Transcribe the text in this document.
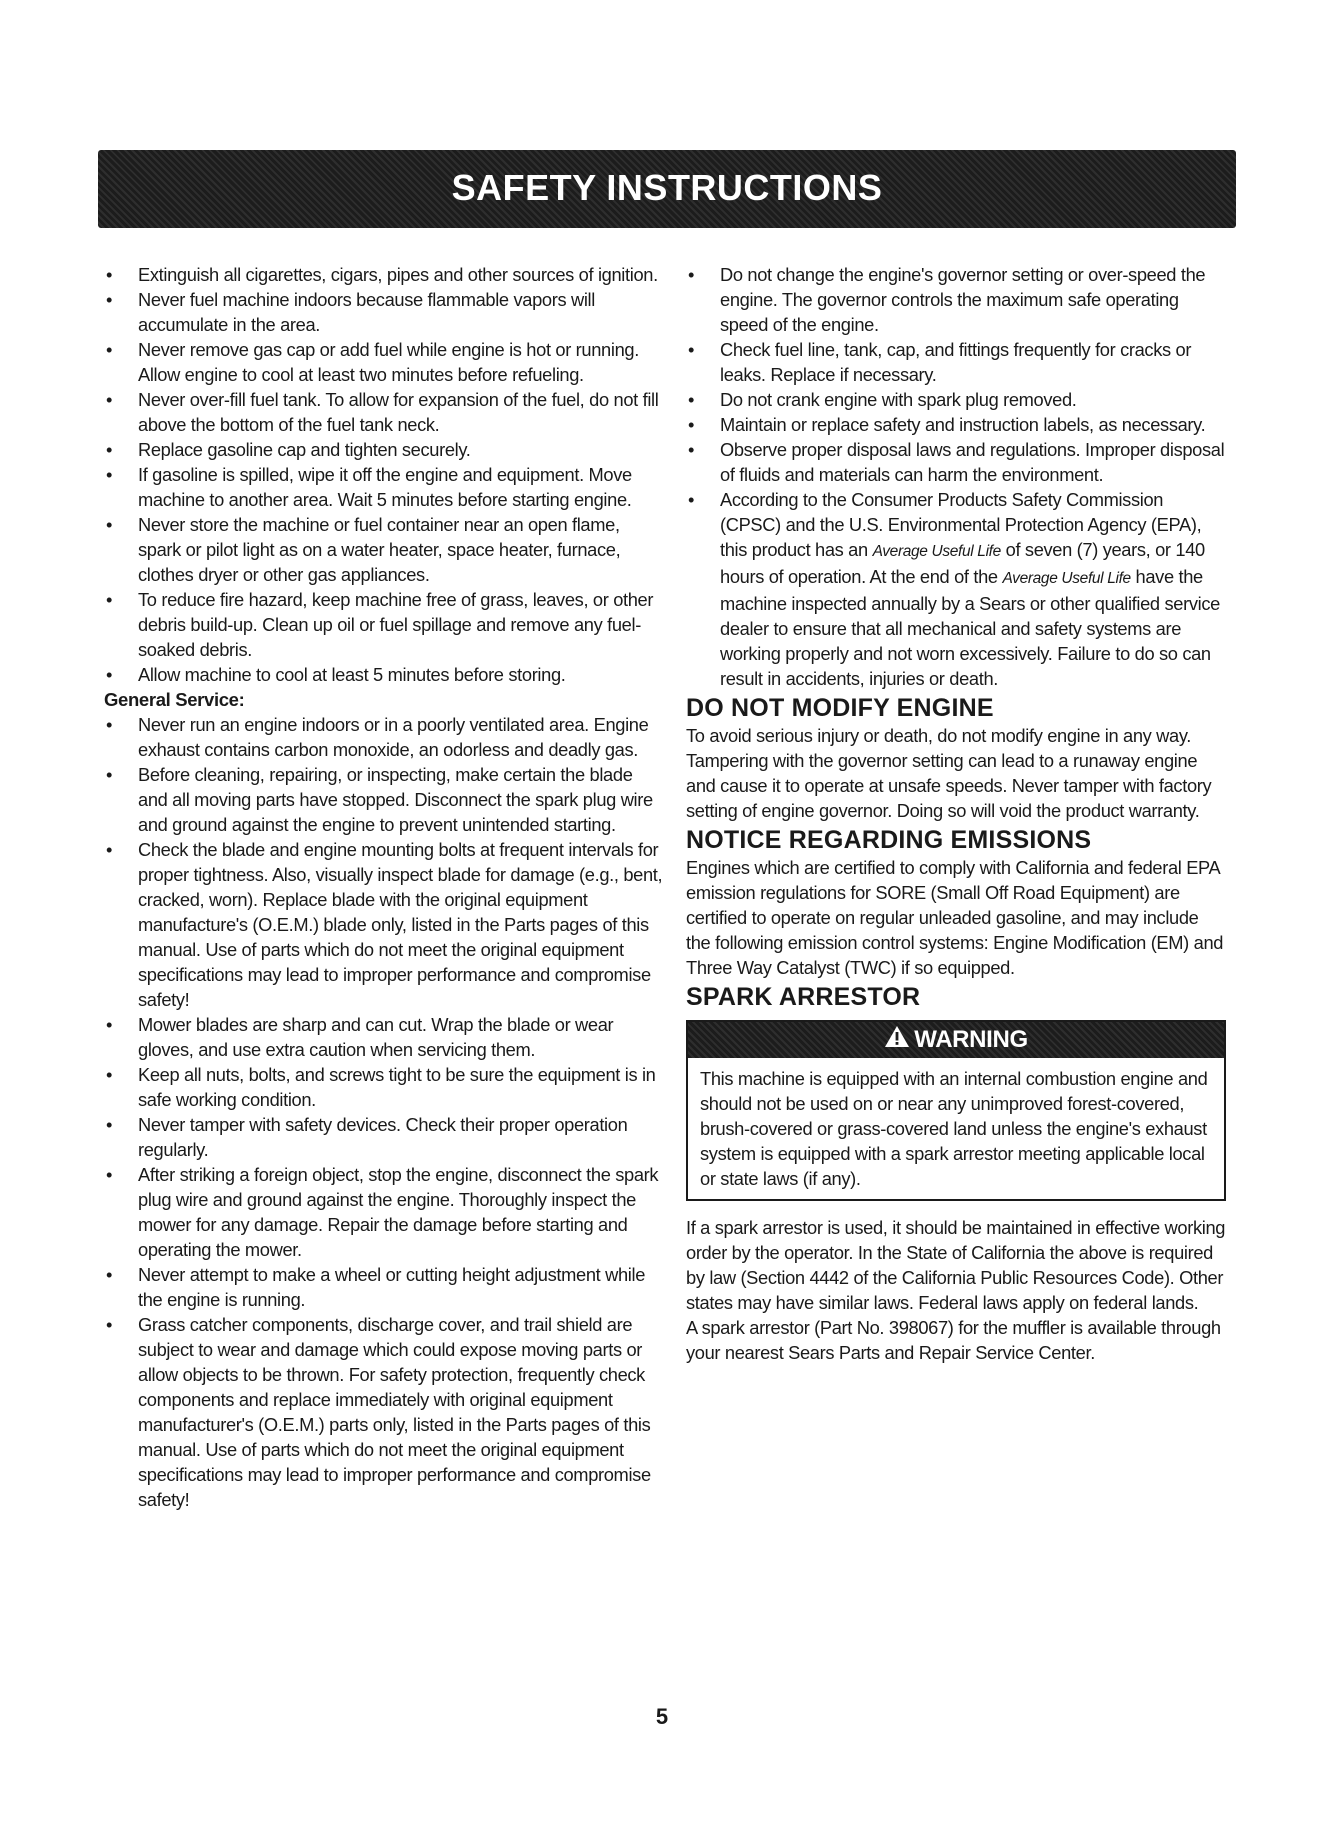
SAFETY INSTRUCTIONS
• Extinguish all cigarettes, cigars, pipes and other sources of ignition.
• Never fuel machine indoors because flammable vapors will accumulate in the area.
• Never remove gas cap or add fuel while engine is hot or running. Allow engine to cool at least two minutes before refueling.
• Never over-fill fuel tank. To allow for expansion of the fuel, do not fill above the bottom of the fuel tank neck.
• Replace gasoline cap and tighten securely.
• If gasoline is spilled, wipe it off the engine and equipment. Move machine to another area. Wait 5 minutes before starting engine.
• Never store the machine or fuel container near an open flame, spark or pilot light as on a water heater, space heater, furnace, clothes dryer or other gas appliances.
• To reduce fire hazard, keep machine free of grass, leaves, or other debris build-up. Clean up oil or fuel spillage and remove any fuel-soaked debris.
• Allow machine to cool at least 5 minutes before storing.
General Service:
• Never run an engine indoors or in a poorly ventilated area. Engine exhaust contains carbon monoxide, an odorless and deadly gas.
• Before cleaning, repairing, or inspecting, make certain the blade and all moving parts have stopped. Disconnect the spark plug wire and ground against the engine to prevent unintended starting.
• Check the blade and engine mounting bolts at frequent intervals for proper tightness. Also, visually inspect blade for damage (e.g., bent, cracked, worn). Replace blade with the original equipment manufacture's (O.E.M.) blade only, listed in the Parts pages of this manual. Use of parts which do not meet the original equipment specifications may lead to improper performance and compromise safety!
• Mower blades are sharp and can cut. Wrap the blade or wear gloves, and use extra caution when servicing them.
• Keep all nuts, bolts, and screws tight to be sure the equipment is in safe working condition.
• Never tamper with safety devices. Check their proper operation regularly.
• After striking a foreign object, stop the engine, disconnect the spark plug wire and ground against the engine. Thoroughly inspect the mower for any damage. Repair the damage before starting and operating the mower.
• Never attempt to make a wheel or cutting height adjustment while the engine is running.
• Grass catcher components, discharge cover, and trail shield are subject to wear and damage which could expose moving parts or allow objects to be thrown. For safety protection, frequently check components and replace immediately with original equipment manufacturer's (O.E.M.) parts only, listed in the Parts pages of this manual. Use of parts which do not meet the original equipment specifications may lead to improper performance and compromise safety!
• Do not change the engine's governor setting or over-speed the engine. The governor controls the maximum safe operating speed of the engine.
• Check fuel line, tank, cap, and fittings frequently for cracks or leaks. Replace if necessary.
• Do not crank engine with spark plug removed.
• Maintain or replace safety and instruction labels, as necessary.
• Observe proper disposal laws and regulations. Improper disposal of fluids and materials can harm the environment.
• According to the Consumer Products Safety Commission (CPSC) and the U.S. Environmental Protection Agency (EPA), this product has an Average Useful Life of seven (7) years, or 140 hours of operation. At the end of the Average Useful Life have the machine inspected annually by a Sears or other qualified service dealer to ensure that all mechanical and safety systems are working properly and not worn excessively. Failure to do so can result in accidents, injuries or death.
DO NOT MODIFY ENGINE

To avoid serious injury or death, do not modify engine in any way. Tampering with the governor setting can lead to a runaway engine and cause it to operate at unsafe speeds. Never tamper with factory setting of engine governor. Doing so will void the product warranty.

NOTICE REGARDING EMISSIONS

Engines which are certified to comply with California and federal EPA emission regulations for SORE (Small Off Road Equipment) are certified to operate on regular unleaded gasoline, and may include the following emission control systems: Engine Modification (EM) and Three Way Catalyst (TWC) if so equipped.

SPARK ARRESTOR
WARNING
This machine is equipped with an internal combustion engine and should not be used on or near any unimproved forest-covered, brush-covered or grass-covered land unless the engine's exhaust system is equipped with a spark arrestor meeting applicable local or state laws (if any).

If a spark arrestor is used, it should be maintained in effective working order by the operator. In the State of California the above is required by law (Section 4442 of the California Public Resources Code). Other states may have similar laws. Federal laws apply on federal lands.

A spark arrestor (Part No. 398067) for the muffler is available through your nearest Sears Parts and Repair Service Center.

5
